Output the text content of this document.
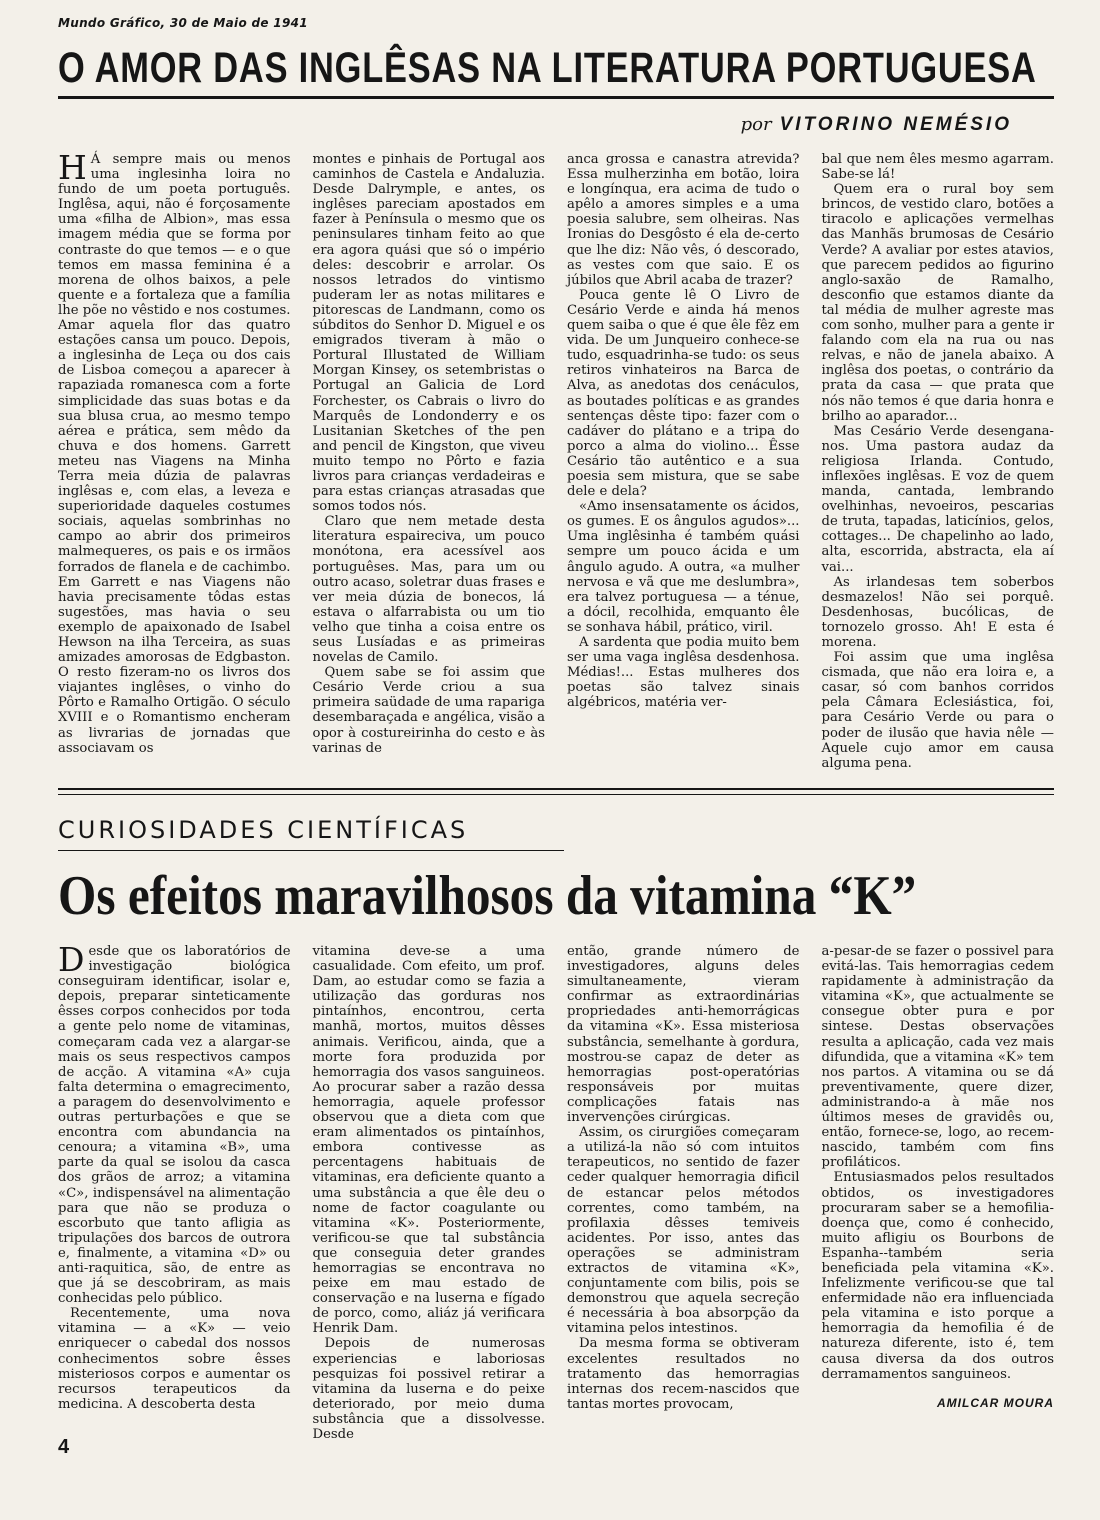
Mundo Gráfico, 30 de Maio de 1941
O AMOR DAS INGLÊSAS NA LITERATURA PORTUGUESA
por VITORINO NEMÉSIO

H Á sempre mais ou menos uma inglesinha loira no fundo de um poeta português. Inglêsa, aqui, não é forçosamente uma «filha de Albion», mas essa imagem média que se forma por contraste do que temos — e o que temos em massa feminina é a morena de olhos baixos, a pele quente e a fortaleza que a família lhe põe no vêstido e nos costumes. Amar aquela flor das quatro estações cansa um pouco. Depois, a inglesinha de Leça ou dos cais de Lisboa começou a aparecer à rapaziada romanesca com a forte simplicidade das suas botas e da sua blusa crua, ao mesmo tempo aérea e prática, sem mêdo da chuva e dos homens. Garrett meteu nas Viagens na Minha Terra meia dúzia de palavras inglêsas e, com elas, a leveza e superioridade daqueles costumes sociais, aquelas sombrinhas no campo ao abrir dos primeiros malmequeres, os pais e os irmãos forrados de flanela e de cachimbo. Em Garrett e nas Viagens não havia precisamente tôdas estas sugestões, mas havia o seu exemplo de apaixonado de Isabel Hewson na ilha Terceira, as suas amizades amorosas de Edgbaston. O resto fizeram-no os livros dos viajantes inglêses, o vinho do Pôrto e Ramalho Ortigão. O século XVIII e o Romantismo encheram as livrarias de jornadas que associavam os

montes e pinhais de Portugal aos caminhos de Castela e Andaluzia. Desde Dalrymple, e antes, os inglêses pareciam apostados em fazer à Península o mesmo que os peninsulares tinham feito ao que era agora quási que só o império deles: descobrir e arrolar. Os nossos letrados do vintismo puderam ler as notas militares e pitorescas de Landmann, como os súbditos do Senhor D. Miguel e os emigrados tiveram à mão o Portural Illustated de William Morgan Kinsey, os setembristas o Portugal an Galicia de Lord Forchester, os Cabrais o livro do Marquês de Londonderry e os Lusitanian Sketches of the pen and pencil de Kingston, que viveu muito tempo no Pôrto e fazia livros para crianças verdadeiras e para estas crianças atrasadas que somos todos nós.

Claro que nem metade desta literatura espaireciva, um pouco monótona, era acessível aos portuguêses. Mas, para um ou outro acaso, soletrar duas frases e ver meia dúzia de bonecos, lá estava o alfarrabista ou um tio velho que tinha a coisa entre os seus Lusíadas e as primeiras novelas de Camilo.

Quem sabe se foi assim que Cesário Verde criou a sua primeira saüdade de uma rapariga desembaraçada e angélica, visão a opor à costureirinha do cesto e às varinas de

anca grossa e canastra atrevida? Essa mulherzinha em botão, loira e longínqua, era acima de tudo o apêlo a amores simples e a uma poesia salubre, sem olheiras. Nas Ironias do Desgôsto é ela de-certo que lhe diz: Não vês, ó descorado, as vestes com que saio. E os júbilos que Abril acaba de trazer?

Pouca gente lê O Livro de Cesário Verde e ainda há menos quem saiba o que é que êle fêz em vida. De um Junqueiro conhece-se tudo, esquadrinha-se tudo: os seus retiros vinhateiros na Barca de Alva, as anedotas dos cenáculos, as boutades políticas e as grandes sentenças dêste tipo: fazer com o cadáver do plátano e a tripa do porco a alma do violino... Êsse Cesário tão autêntico e a sua poesia sem mistura, que se sabe dele e dela?

«Amo insensatamente os ácidos, os gumes. E os ângulos agudos»... Uma inglêsinha é também quási sempre um pouco ácida e um ângulo agudo. A outra, «a mulher nervosa e vã que me deslumbra», era talvez portuguesa — a ténue, a dócil, recolhida, emquanto êle se sonhava hábil, prático, viril.

A sardenta que podia muito bem ser uma vaga inglêsa desdenhosa. Médias!... Estas mulheres dos poetas são talvez sinais algébricos, matéria ver-

bal que nem êles mesmo agarram. Sabe-se lá!

Quem era o rural boy sem brincos, de vestido claro, botões a tiracolo e aplicações vermelhas das Manhãs brumosas de Cesário Verde? A avaliar por estes atavios, que parecem pedidos ao figurino anglo-saxão de Ramalho, desconfio que estamos diante da tal média de mulher agreste mas com sonho, mulher para a gente ir falando com ela na rua ou nas relvas, e não de janela abaixo. A inglêsa dos poetas, o contrário da prata da casa — que prata que nós não temos é que daria honra e brilho ao aparador...

Mas Cesário Verde desengana-nos. Uma pastora audaz da religiosa Irlanda. Contudo, inflexões inglêsas. E voz de quem manda, cantada, lembrando ovelhinhas, nevoeiros, pescarias de truta, tapadas, laticínios, gelos, cottages... De chapelinho ao lado, alta, escorrida, abstracta, ela aí vai...

As irlandesas tem soberbos desmazelos! Não sei porquê. Desdenhosas, bucólicas, de tornozelo grosso. Ah! E esta é morena.

Foi assim que uma inglêsa cismada, que não era loira e, a casar, só com banhos corridos pela Câmara Eclesiástica, foi, para Cesário Verde ou para o poder de ilusão que havia nêle — Aquele cujo amor em causa alguma pena.

CURIOSIDADES CIENTÍFICAS
Os efeitos maravilhosos da vitamina “K”

Desde que os laboratórios de investigação biológica conseguiram identificar, isolar e, depois, preparar sinteticamente êsses corpos conhecidos por toda a gente pelo nome de vitaminas, começaram cada vez a alargar-se mais os seus respectivos campos de acção. A vitamina «A» cuja falta determina o emagrecimento, a paragem do desenvolvimento e outras perturbações e que se encontra com abundancia na cenoura; a vitamina «B», uma parte da qual se isolou da casca dos grãos de arroz; a vitamina «C», indispensável na alimentação para que não se produza o escorbuto que tanto afligia as tripulações dos barcos de outrora e, finalmente, a vitamina «D» ou anti-raquitica, são, de entre as que já se descobriram, as mais conhecidas pelo público.

Recentemente, uma nova vitamina — a «K» — veio enriquecer o cabedal dos nossos conhecimentos sobre êsses misteriosos corpos e aumentar os recursos terapeuticos da medicina. A descoberta desta

vitamina deve-se a uma casualidade. Com efeito, um prof. Dam, ao estudar como se fazia a utilização das gorduras nos pintaínhos, encontrou, certa manhã, mortos, muitos dêsses animais. Verificou, ainda, que a morte fora produzida por hemorragia dos vasos sanguineos. Ao procurar saber a razão dessa hemorragia, aquele professor observou que a dieta com que eram alimentados os pintaínhos, embora contivesse as percentagens habituais de vitaminas, era deficiente quanto a uma substância a que êle deu o nome de factor coagulante ou vitamina «K». Posteriormente, verificou-se que tal substância que conseguia deter grandes hemorragias se encontrava no peixe em mau estado de conservação e na luserna e fígado de porco, como, aliáz já verificara Henrik Dam.

Depois de numerosas experiencias e laboriosas pesquizas foi possivel retirar a vitamina da luserna e do peixe deteriorado, por meio duma substância que a dissolvesse. Desde

então, grande número de investigadores, alguns deles simultaneamente, vieram confirmar as extraordinárias propriedades anti-hemorrágicas da vitamina «K». Essa misteriosa substância, semelhante à gordura, mostrou-se capaz de deter as hemorragias post-operatórias responsáveis por muitas complicações fatais nas invervenções cirúrgicas.

Assim, os cirurgiões começaram a utilizá-la não só com intuitos terapeuticos, no sentido de fazer ceder qualquer hemorragia dificil de estancar pelos métodos correntes, como também, na profilaxia dêsses temiveis acidentes. Por isso, antes das operações se administram extractos de vitamina «K», conjuntamente com bilis, pois se demonstrou que aquela secreção é necessária à boa absorpção da vitamina pelos intestinos.

Da mesma forma se obtiveram excelentes resultados no tratamento das hemorragias internas dos recem-nascidos que tantas mortes provocam,

a-pesar-de se fazer o possivel para evitá-las. Tais hemorragias cedem rapidamente à administração da vitamina «K», que actualmente se consegue obter pura e por sintese. Destas observações resulta a aplicação, cada vez mais difundida, que a vitamina «K» tem nos partos. A vitamina ou se dá preventivamente, quere dizer, administrando-a à mãe nos últimos meses de gravidês ou, então, fornece-se, logo, ao recem-nascido, também com fins profiláticos.

Entusiasmados pelos resultados obtidos, os investigadores procuraram saber se a hemofilia-doença que, como é conhecido, muito afligiu os Bourbons de Espanha--também seria beneficiada pela vitamina «K». Infelizmente verificou-se que tal enfermidade não era influenciada pela vitamina e isto porque a hemorragia da hemofilia é de natureza diferente, isto é, tem causa diversa da dos outros derramamentos sanguineos.

AMILCAR MOURA
4
